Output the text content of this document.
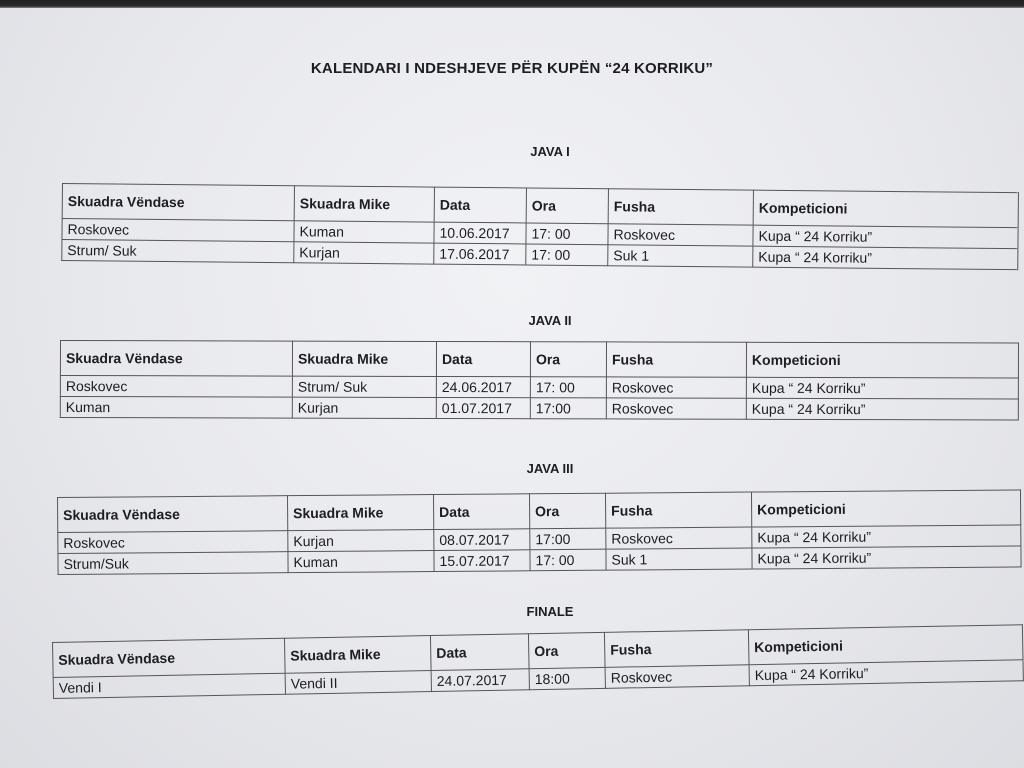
KALENDARI I NDESHJEVE PËR KUPËN “24 KORRIKU”
JAVA I
Skuadra Vëndase	Skuadra Mike	Data	Ora	Fusha	Kompeticioni
Roskovec	Kuman	10.06.2017	17: 00	Roskovec	Kupa “ 24 Korriku”
Strum/ Suk	Kurjan	17.06.2017	17: 00	Suk 1	Kupa “ 24 Korriku”
JAVA II
Skuadra Vëndase	Skuadra Mike	Data	Ora	Fusha	Kompeticioni
Roskovec	Strum/ Suk	24.06.2017	17: 00	Roskovec	Kupa “ 24 Korriku”
Kuman	Kurjan	01.07.2017	17:00	Roskovec	Kupa “ 24 Korriku”
JAVA III
Skuadra Vëndase	Skuadra Mike	Data	Ora	Fusha	Kompeticioni
Roskovec	Kurjan	08.07.2017	17:00	Roskovec	Kupa “ 24 Korriku”
Strum/Suk	Kuman	15.07.2017	17: 00	Suk 1	Kupa “ 24 Korriku”
FINALE
Skuadra Vëndase	Skuadra Mike	Data	Ora	Fusha	Kompeticioni
Vendi I	Vendi II	24.07.2017	18:00	Roskovec	Kupa “ 24 Korriku”
